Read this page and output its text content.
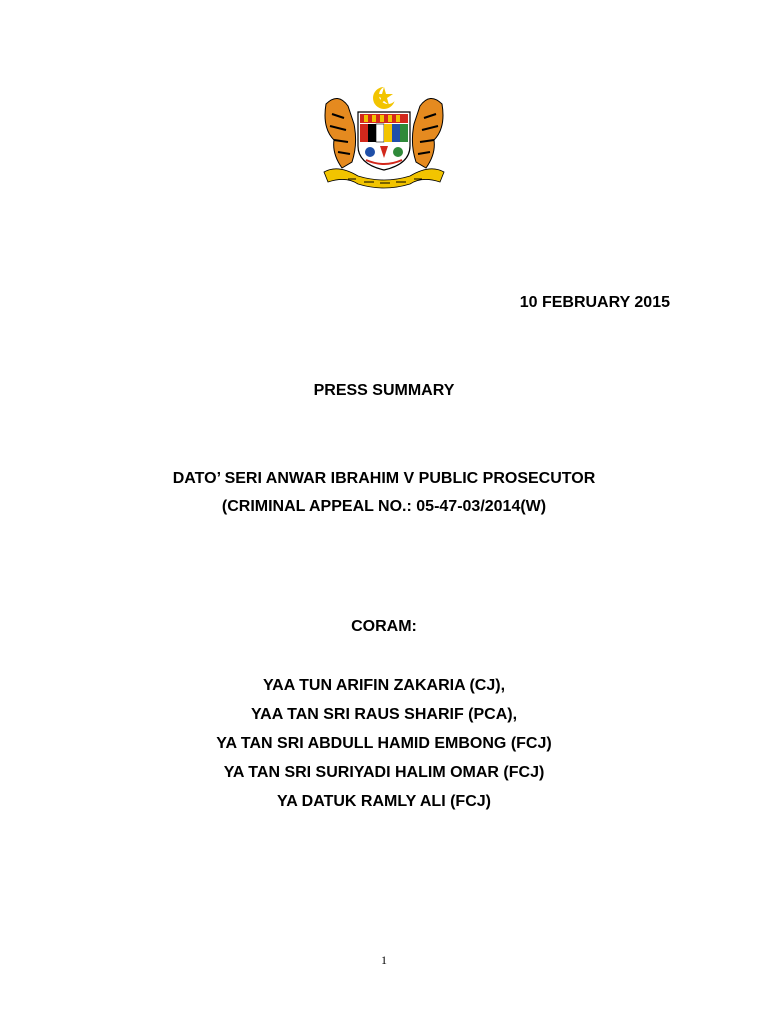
10 FEBRUARY 2015
PRESS SUMMARY
DATO’ SERI ANWAR IBRAHIM V PUBLIC PROSECUTOR
(CRIMINAL APPEAL NO.: 05-47-03/2014(W)
CORAM:
YAA TUN ARIFIN ZAKARIA (CJ),
YAA TAN SRI RAUS SHARIF (PCA),
YA TAN SRI ABDULL HAMID EMBONG (FCJ)
YA TAN SRI SURIYADI HALIM OMAR (FCJ)
YA DATUK RAMLY ALI (FCJ)
1
